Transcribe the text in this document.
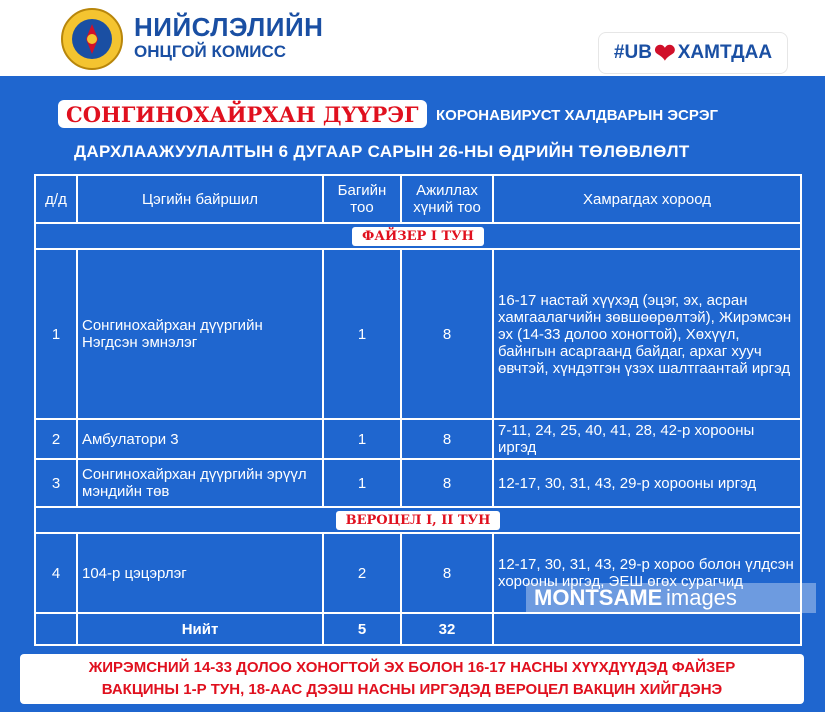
НИЙСЛЭЛИЙН
ОНЦГОЙ КОМИСС	#UB ❤ ХАМТДАА
СОНГИНОХАЙРХАН ДҮҮРЭГ	КОРОНАВИРУСТ ХАЛДВАРЫН ЭСРЭГ
ДАРХЛААЖУУЛАЛТЫН 6 ДУГААР САРЫН 26-НЫ ӨДРИЙН ТӨЛӨВЛӨЛТ
д/д	Цэгийн байршил	Багийн тоо	Ажиллах хүний тоо	Хамрагдах хороод
ФАЙЗЕР I ТУН				
1	Сонгинохайрхан дүүргийн Нэгдсэн эмнэлэг	1	8	16-17 настай хүүхэд (эцэг, эх, асран хамгаалагчийн зөвшөөрөлтэй), Жирэмсэн эх (14-33 долоо хоногтой), Хөхүүл, байнгын асаргаанд байдаг, архаг хууч өвчтэй, хүндэтгэн үзэх шалтгаантай иргэд
2	Амбулатори 3	1	8	7-11, 24, 25, 40, 41, 28, 42-р хорооны иргэд
3	Сонгинохайрхан дүүргийн эрүүл мэндийн төв	1	8	12-17, 30, 31, 43, 29-р хорооны иргэд
ВЕРОЦЕЛ I, II ТУН				
4	104-р цэцэрлэг	2	8	12-17, 30, 31, 43, 29-р хороо болон үлдсэн хорооны иргэд, ЭЕШ өгөх сурагчид
	Нийт	5	32	
MONTSAME images
ЖИРЭМСНИЙ 14-33 ДОЛОО ХОНОГТОЙ ЭХ БОЛОН 16-17 НАСНЫ ХҮҮХДҮҮДЭД ФАЙЗЕР
ВАКЦИНЫ 1-Р ТУН, 18-ААС ДЭЭШ НАСНЫ ИРГЭДЭД ВЕРОЦЕЛ ВАКЦИН ХИЙГДЭНЭ
